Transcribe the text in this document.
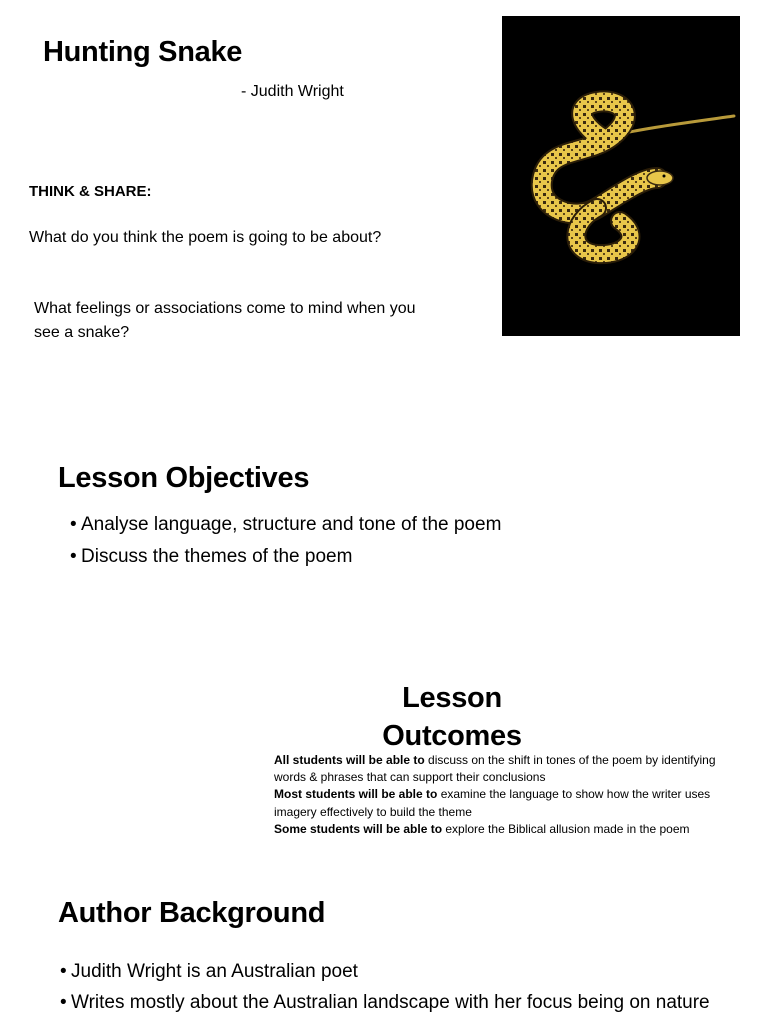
Hunting Snake
- Judith Wright
THINK & SHARE:
What do you think the poem is going to be about?
What feelings or associations come to mind when you see a snake?
Lesson Objectives
• Analyse language, structure and tone of the poem
• Discuss the themes of the poem
Lesson
Outcomes
All students will be able to discuss on the shift in tones of the poem by identifying words & phrases that can support their conclusions
Most students will be able to examine the language to show how the writer uses imagery effectively to build the theme
Some students will be able to explore the Biblical allusion made in the poem
Author Background
• Judith Wright is an Australian poet
• Writes mostly about the Australian landscape with her focus being on nature
